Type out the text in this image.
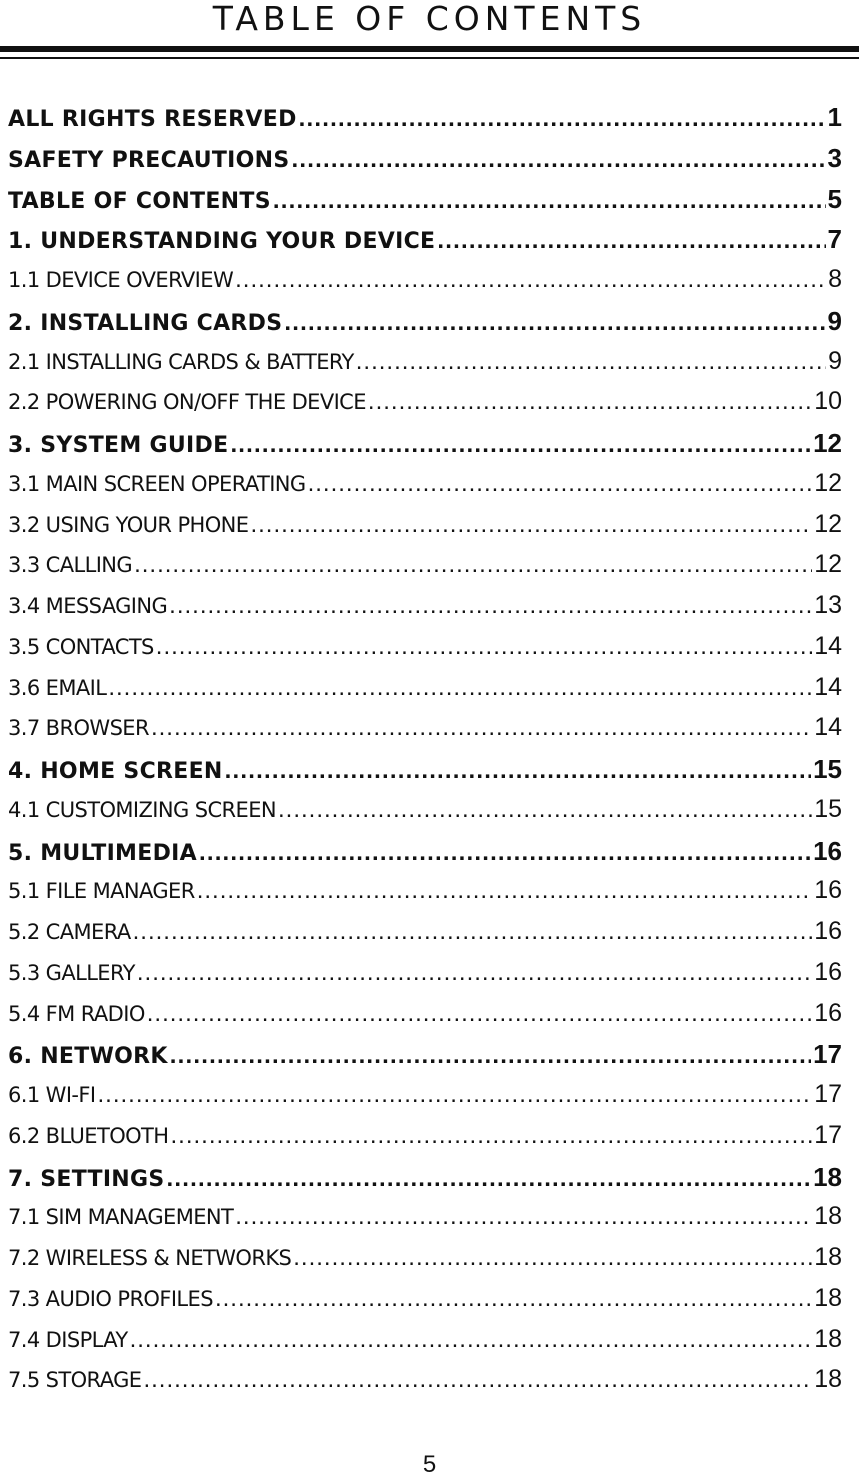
TABLE OF CONTENTS
ALL RIGHTS RESERVED .....	1
SAFETY PRECAUTIONS .....	3
TABLE OF CONTENTS .....	5
1. UNDERSTANDING YOUR DEVICE .....	7
1.1 DEVICE OVERVIEW .....	8
2. INSTALLING CARDS .....	9
2.1 INSTALLING CARDS & BATTERY .....	9
2.2 POWERING ON/OFF THE DEVICE .....	10
3. SYSTEM GUIDE .....	12
3.1 MAIN SCREEN OPERATING .....	12
3.2 USING YOUR PHONE .....	12
3.3 CALLING .....	12
3.4 MESSAGING .....	13
3.5 CONTACTS .....	14
3.6 EMAIL .....	14
3.7 BROWSER .....	14
4. HOME SCREEN .....	15
4.1 CUSTOMIZING SCREEN .....	15
5. MULTIMEDIA .....	16
5.1 FILE MANAGER .....	16
5.2 CAMERA .....	16
5.3 GALLERY .....	16
5.4 FM RADIO .....	16
6. NETWORK .....	17
6.1 WI-FI .....	17
6.2 BLUETOOTH .....	17
7. SETTINGS .....	18
7.1 SIM MANAGEMENT .....	18
7.2 WIRELESS & NETWORKS .....	18
7.3 AUDIO PROFILES .....	18
7.4 DISPLAY .....	18
7.5 STORAGE .....	18
5
